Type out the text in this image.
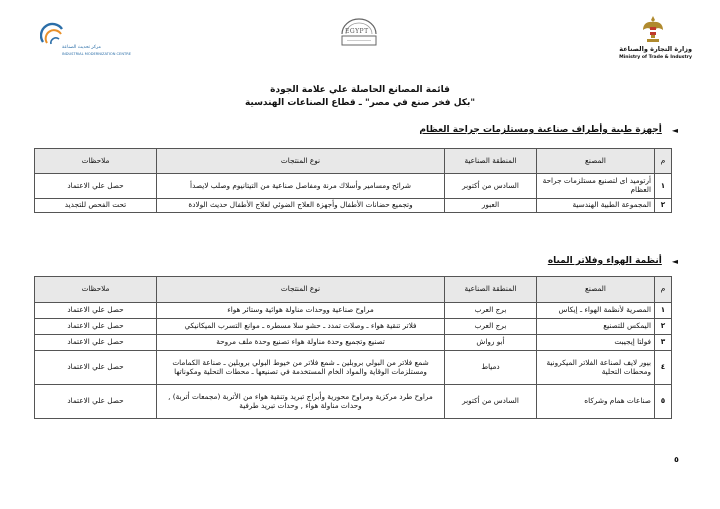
مركز تحديث الصناعة
INDUSTRIAL MODERNIZATION CENTRE
EGYPT
وزارة التجارة والصناعة
Ministry of Trade & Industry
قائمة المصانع الحاصلة علي علامة الجودة
"بكل فخر صنع في مصر" ـ قطاع الصناعات الهندسية
◄
أجهزة طبية وأطراف صناعية ومستلزمات جراحة العظام
م	المصنع	المنطقة الصناعية	نوع المنتجات	ملاحظات
١	أرتوميد اى لتصنيع مستلزمات جراحة العظام	السادس من أكتوبر	شرائح ومسامير وأسلاك مرنة ومفاصل صناعية من التيتانيوم وصلب لايصدأ	حصل علي الاعتماد
٢	المجموعة الطبية الهندسية	العبور	وتجميع حضانات الأطفال وأجهزة العلاج الضوئي لعلاج الأطفال حديث الولادة	تحت الفحص للتجديد
◄
أنظمة الهواء وفلاتر المياه
م	المصنع	المنطقة الصناعية	نوع المنتجات	ملاحظات
١	المصرية لأنظمة الهواء ـ إيكاس	برج العرب	مراوح صناعية ووحدات مناولة هوائية وستائر هواء	حصل علي الاعتماد
٢	اليمكس للتصنيع	برج العرب	فلاتر تنقية هواء ـ وصلات تمدد ـ حشو سلا مسطره ـ موانع التسرب الميكانيكي	حصل علي الاعتماد
٣	فولتا إيجيبت	أبو رواش	تصنيع وتجميع وحدة مناولة هواء تصنيع وحدة ملف مروحة	حصل علي الاعتماد
٤	بيور لايف لصناعة الفلاتر الميكرونية ومحطات التحلية	دمياط	شمع فلاتر من البولي بروبلين ـ شمع فلاتر من خيوط البولي بروبلين ـ صناعة الكمامات ومستلزمات الوقاية والمواد الخام المستخدمة في تصنيعها ـ محطات التحلية ومكوناتها	حصل علي الاعتماد
٥	صناعات همام وشركاه	السادس من أكتوبر	مراوح طرد مركزية ومراوح محورية وأبراج تبريد وتنقية هواء من الأتربة (مجمعات أتربة) , وحدات مناولة هواء , وحدات تبريد طرفية	حصل علي الاعتماد
٥
